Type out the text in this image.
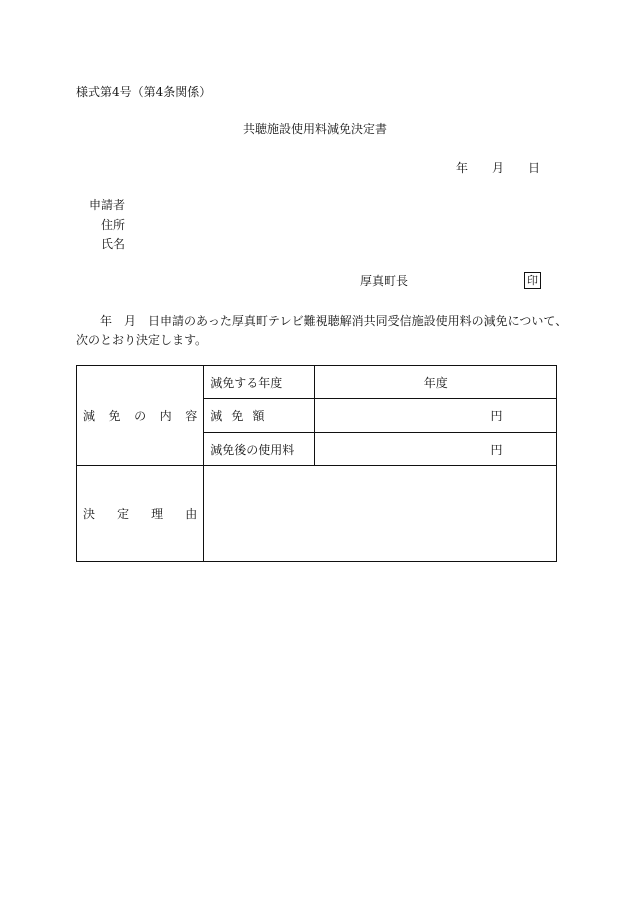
様式第4号（第4条関係）
共聴施設使用料減免決定書
年 月 日
申請者
住所
氏名
厚真町長	印
年 月 日申請のあった厚真町テレビ難視聴解消共同受信施設使用料の減免について、
次のとおり決定します。
減 免 の 内 容	減免する年度	年度

	減 免 額	円
	減免後の使用料	円

決 定 理 由		
